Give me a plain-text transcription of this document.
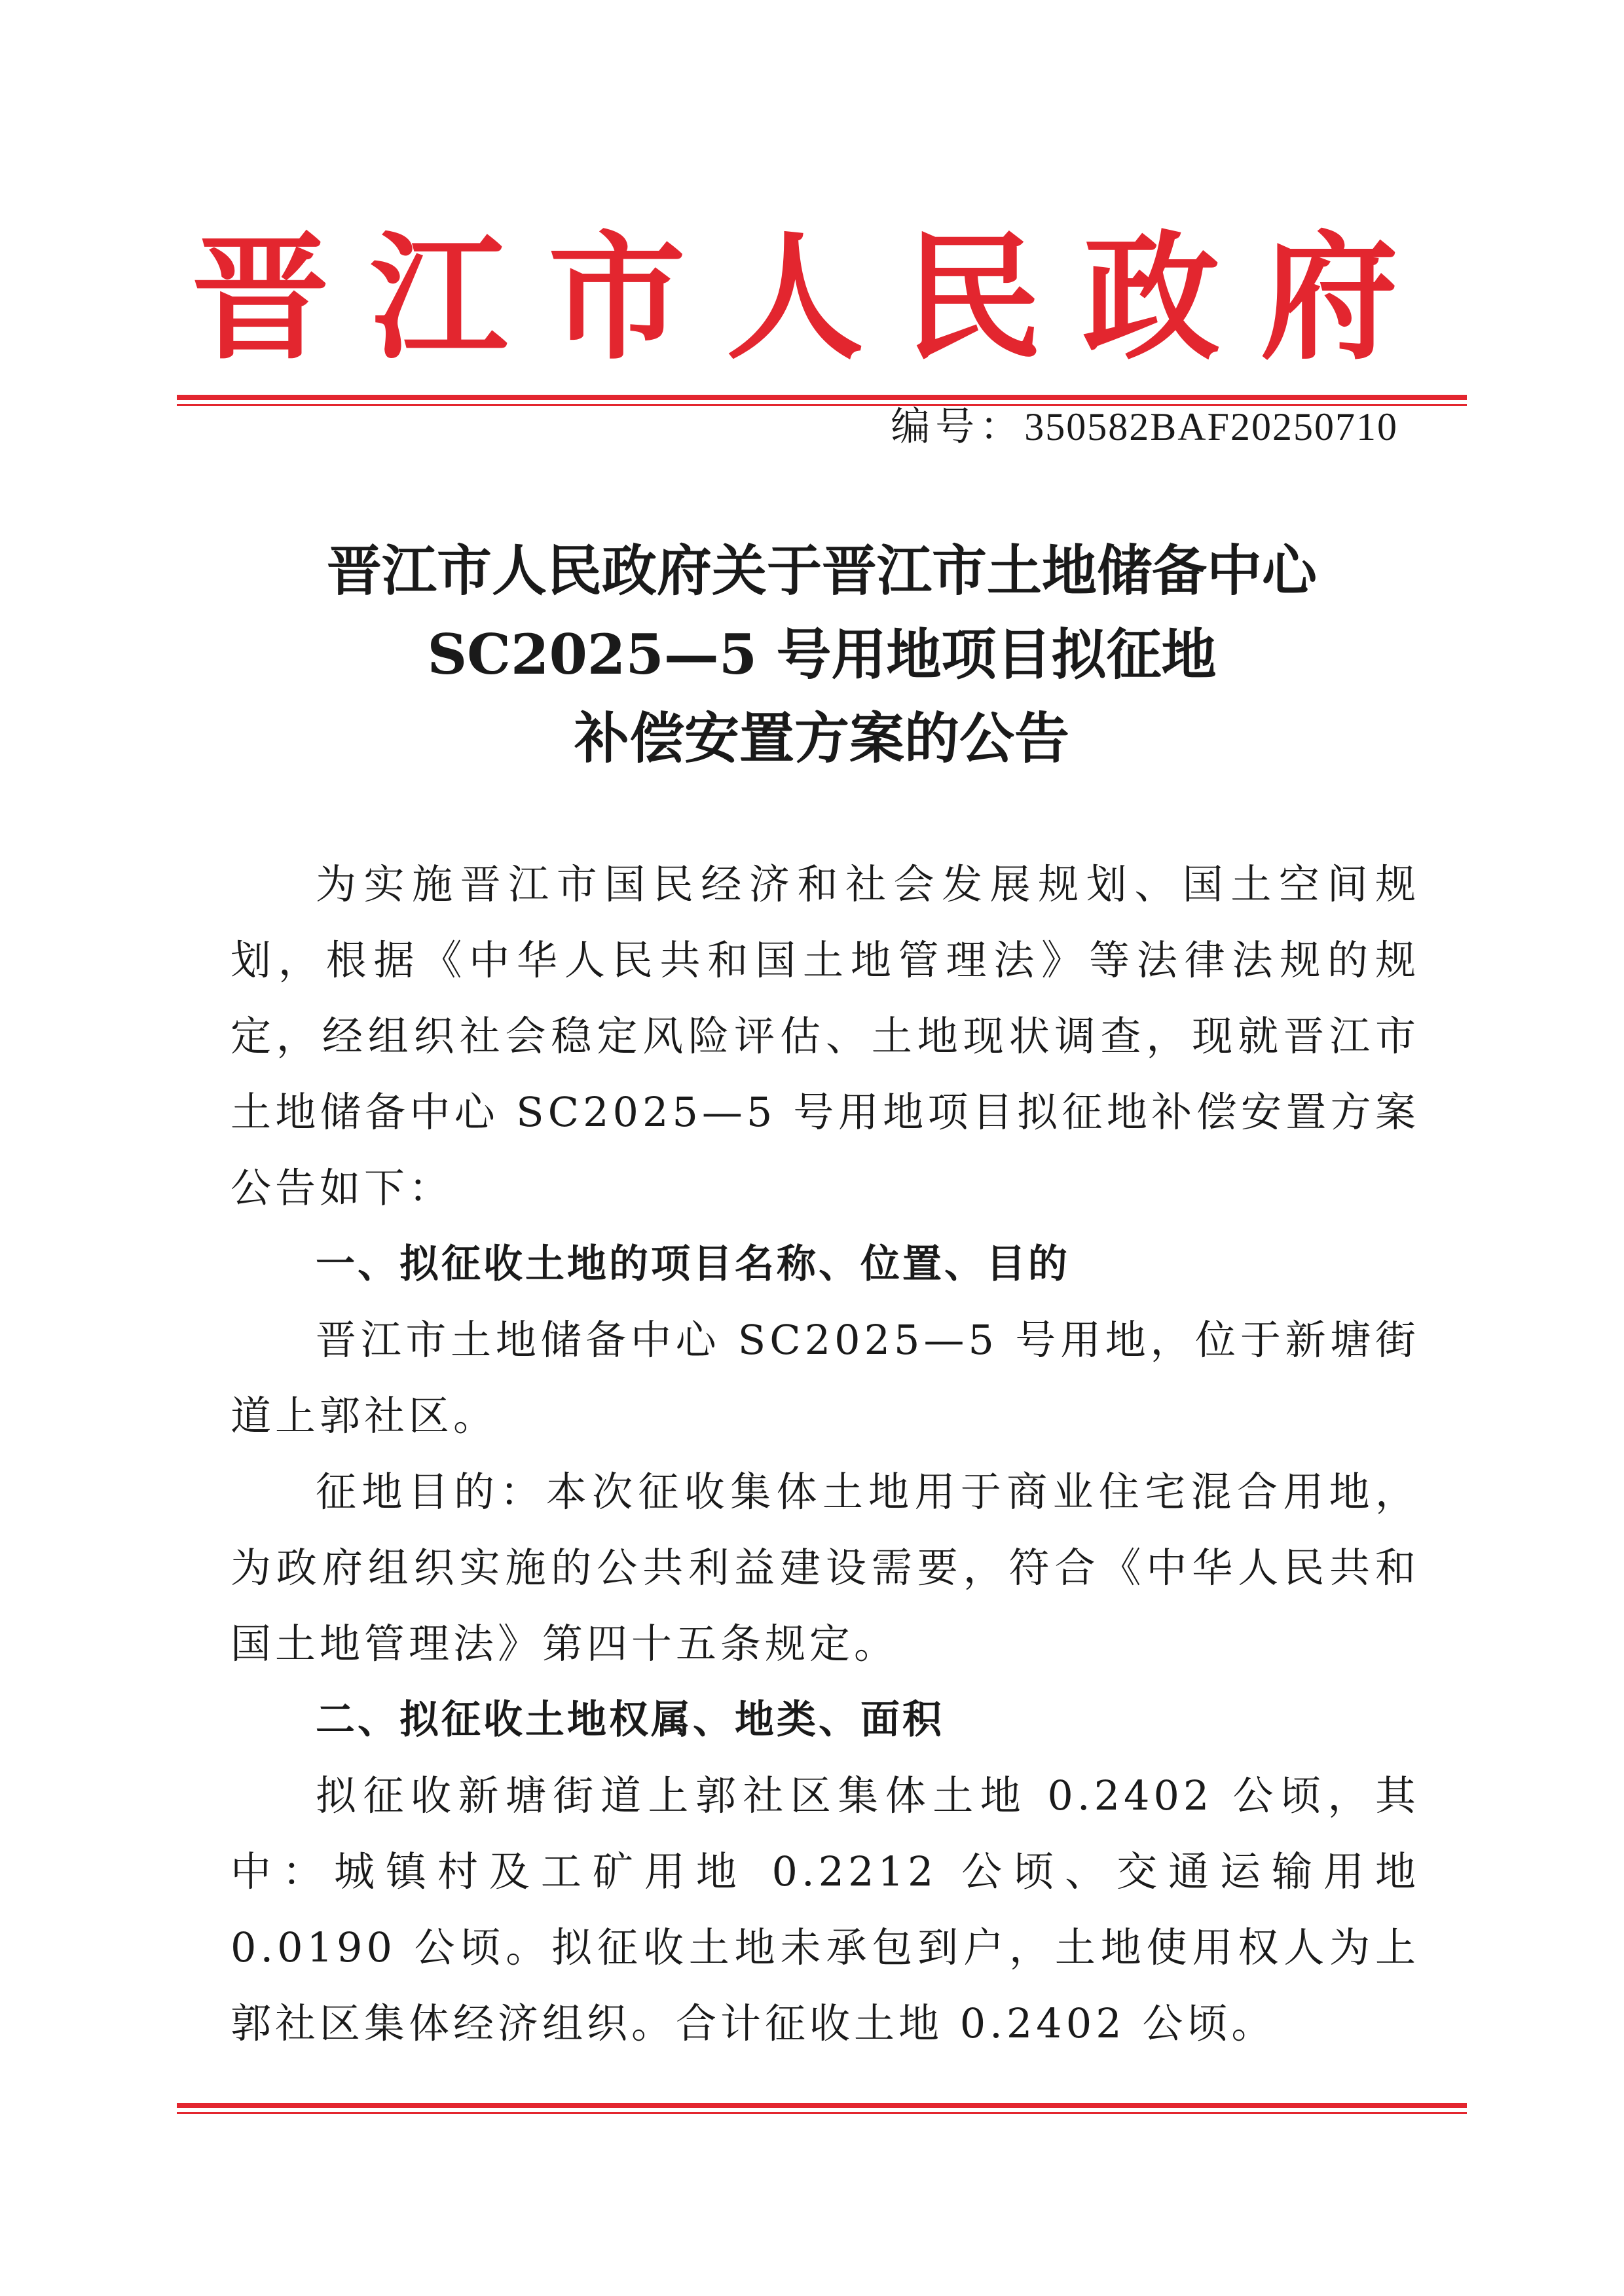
晋江市人民政府
编号：350582BAF20250710
晋江市人民政府关于晋江市土地储备中心
SC2025—5 号用地项目拟征地
补偿安置方案的公告

为实施晋江市国民经济和社会发展规划、国土空间规划，根据《中华人民共和国土地管理法》等法律法规的规定，经组织社会稳定风险评估、土地现状调查，现就晋江市土地储备中心 SC2025—5 号用地项目拟征地补偿安置方案公告如下：

一、拟征收土地的项目名称、位置、目的

晋江市土地储备中心 SC2025—5 号用地，位于新塘街道上郭社区。

征地目的：本次征收集体土地用于商业住宅混合用地，为政府组织实施的公共利益建设需要，符合《中华人民共和国土地管理法》第四十五条规定。

二、拟征收土地权属、地类、面积

拟征收新塘街道上郭社区集体土地 0.2402 公顷，其中：城镇村及工矿用地 0.2212 公顷、交通运输用地 0.0190 公顷。拟征收土地未承包到户，土地使用权人为上郭社区集体经济组织。合计征收土地 0.2402 公顷。
